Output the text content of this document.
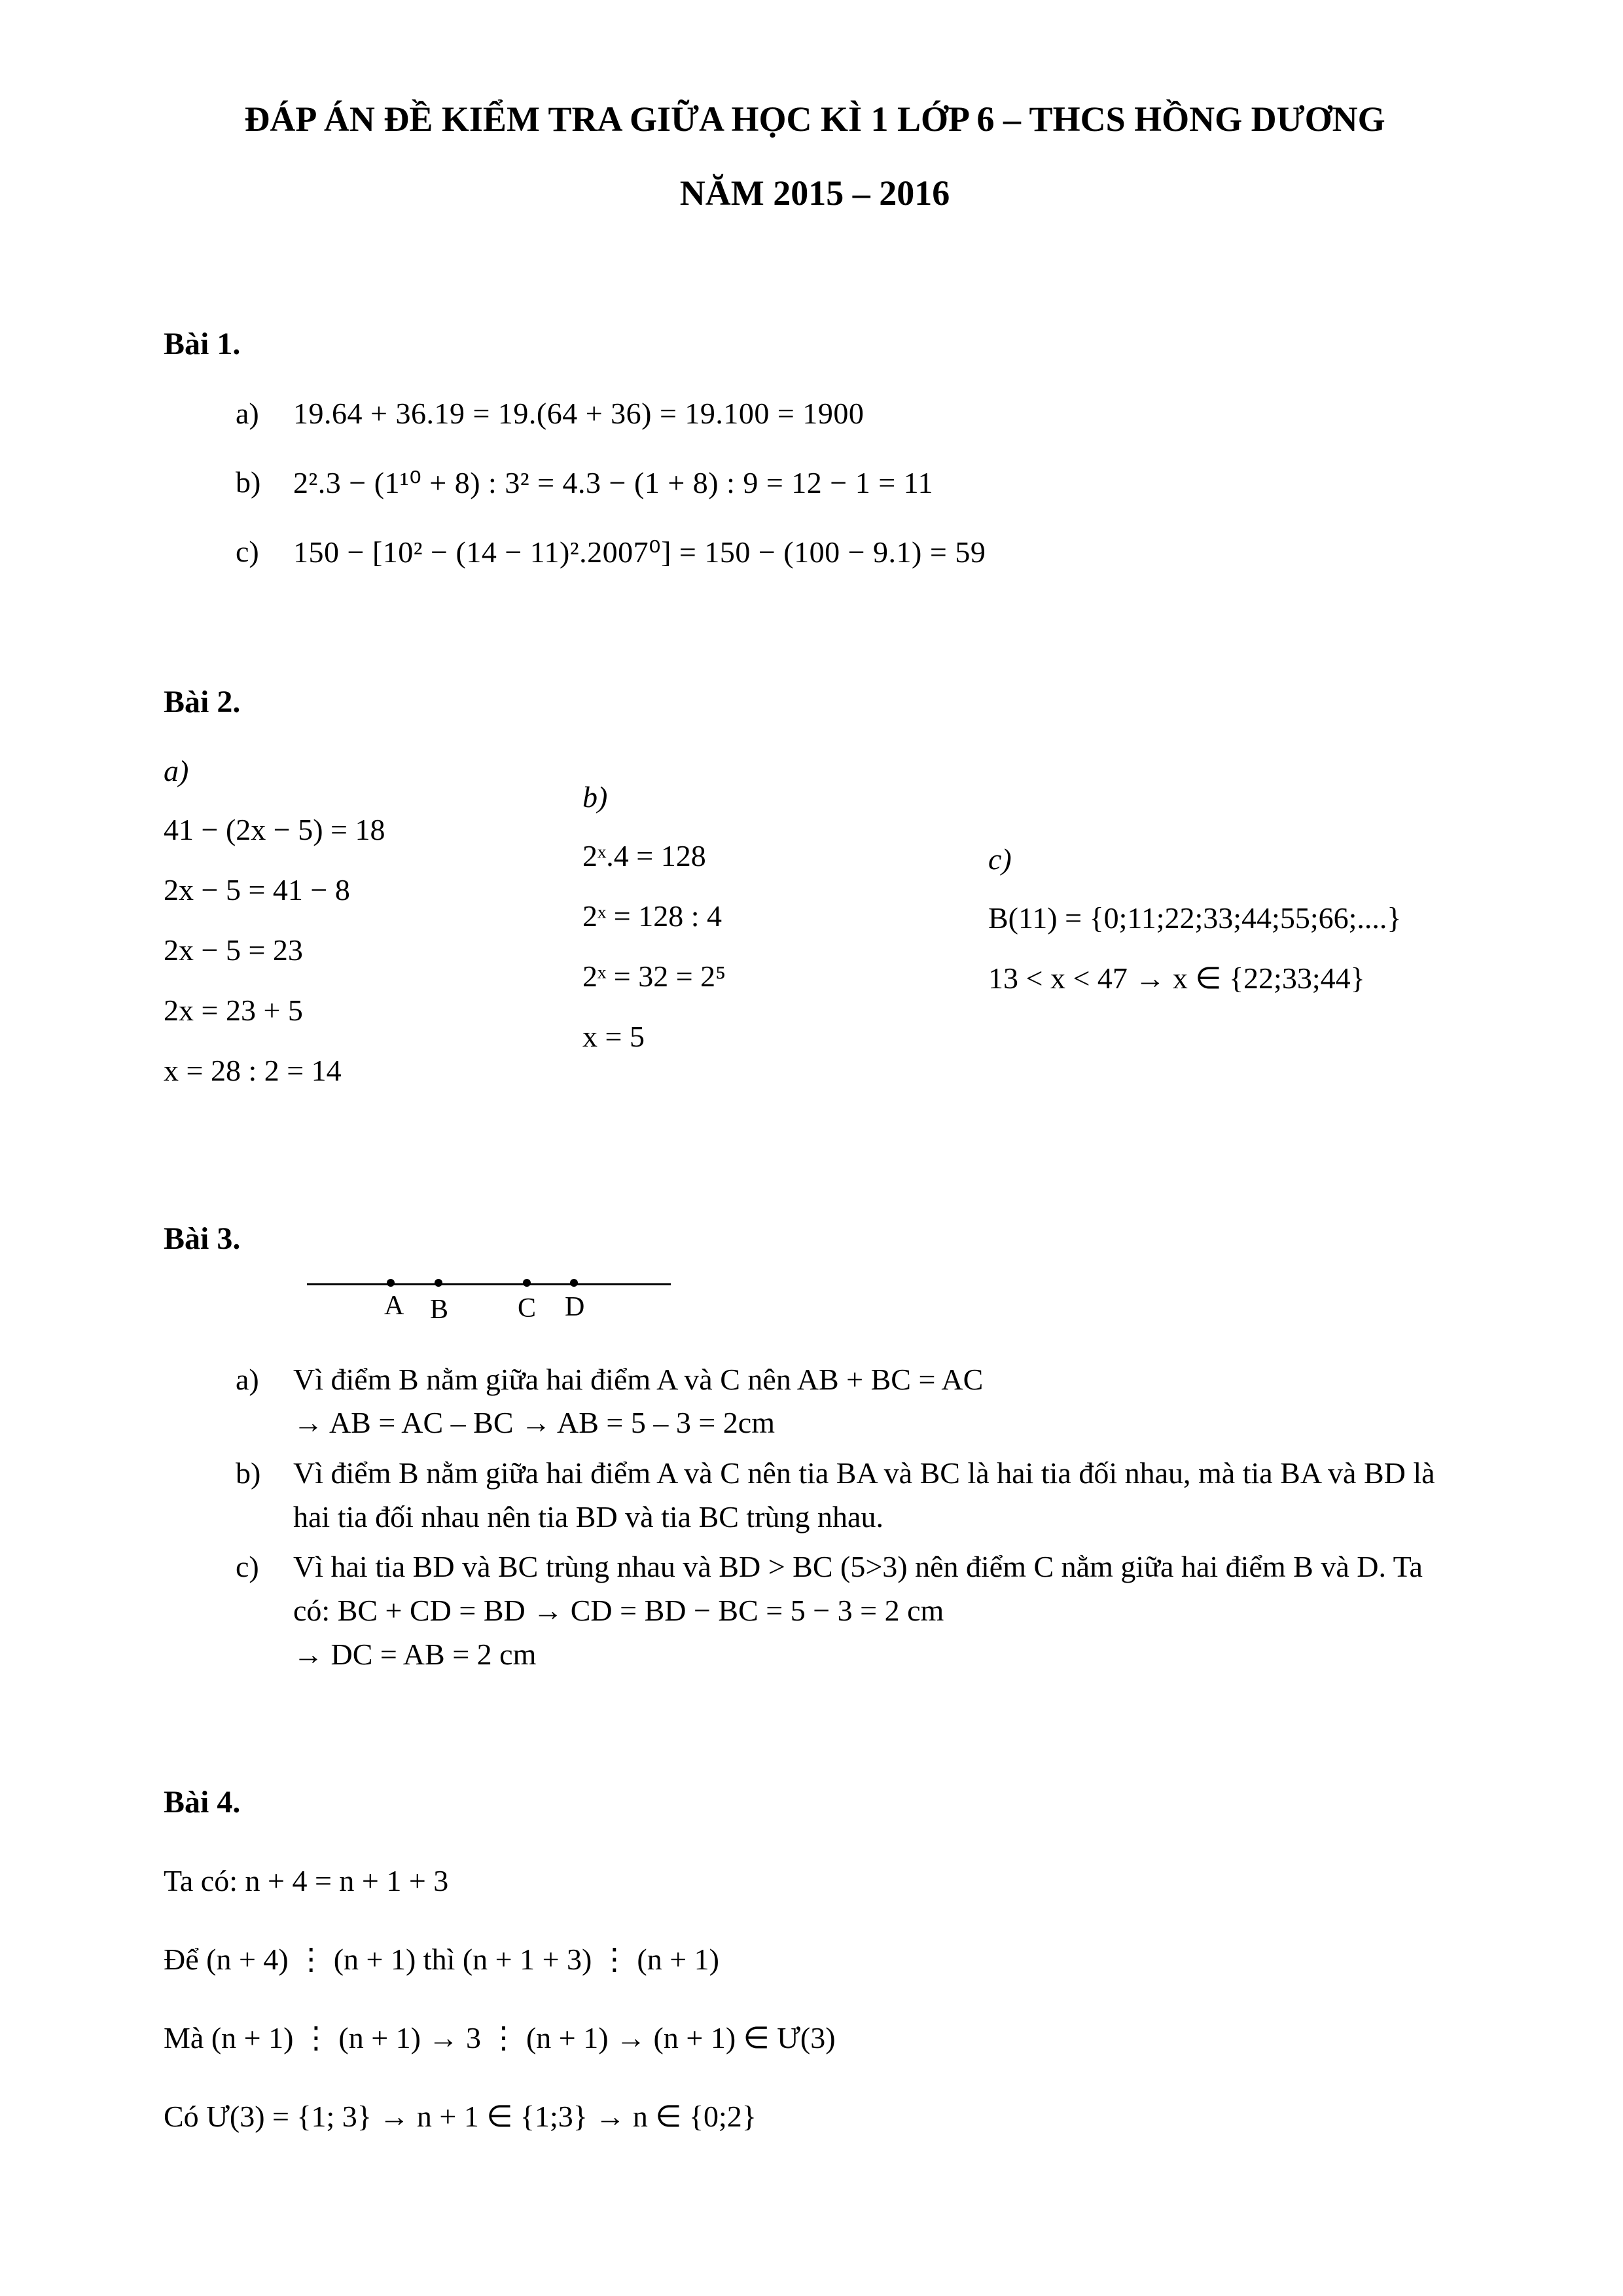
ĐÁP ÁN ĐỀ KIỂM TRA GIỮA HỌC KÌ 1 LỚP 6 – THCS HỒNG DƯƠNG
NĂM 2015 – 2016
Bài 1.
a)	19.64 + 36.19 = 19.(64 + 36) = 19.100 = 1900
b)	2².3 − (1¹⁰ + 8) : 3² = 4.3 − (1 + 8) : 9 = 12 − 1 = 11
c)	150 − [10² − (14 − 11)².2007⁰] = 150 − (100 − 9.1) = 59
Bài 2.
a)
41 − (2x − 5) = 18
2x − 5 = 41 − 8
2x − 5 = 23
2x = 23 + 5
x = 28 : 2 = 14
b)
2ˣ.4 = 128
2ˣ = 128 : 4
2ˣ = 32 = 2⁵
x = 5
c)
B(11) = {0;11;22;33;44;55;66;....}
13 < x < 47 → x ∈ {22;33;44}
Bài 3.
A B	C D
a)	Vì điểm B nằm giữa hai điểm A và C nên AB + BC = AC
→ AB = AC – BC → AB = 5 – 3 = 2cm
b)	Vì điểm B nằm giữa hai điểm A và C nên tia BA và BC là hai tia đối nhau, mà tia BA và BD là hai tia đối nhau nên tia BD và tia BC trùng nhau.
c)	Vì hai tia BD và BC trùng nhau và BD > BC (5>3) nên điểm C nằm giữa hai điểm B và D. Ta có: BC + CD = BD → CD = BD − BC = 5 − 3 = 2 cm
→ DC = AB = 2 cm
Bài 4.
Ta có: n + 4 = n + 1 + 3
Để (n + 4) ⋮ (n + 1) thì (n + 1 + 3) ⋮ (n + 1)
Mà (n + 1) ⋮ (n + 1) → 3 ⋮ (n + 1) → (n + 1) ∈ Ư(3)
Có Ư(3) = {1; 3} → n + 1 ∈ {1;3} → n ∈ {0;2}
